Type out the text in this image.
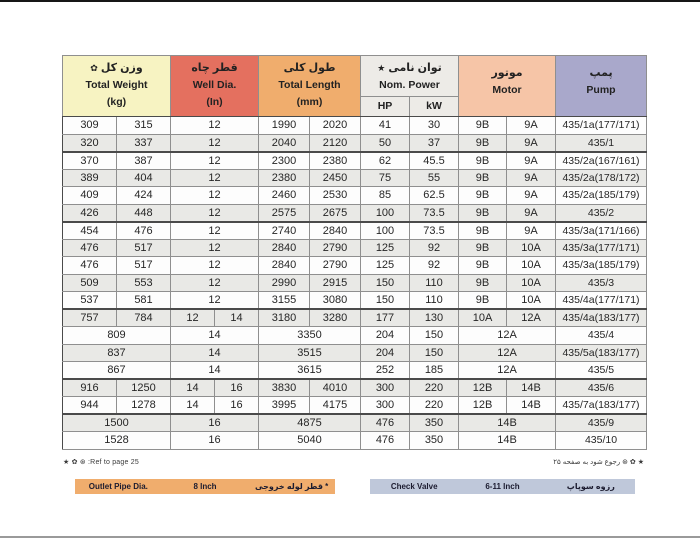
✿ وزن کل
Total Weight
(kg)

قطر چاه
Well Dia.
(In)

طول کلی
Total Length
(mm)

★ توان نامی
Nom. Power
HP	kW

موتور
Motor

پمپ
Pump

309	315	12		1990	2020	41	30	9B	9A	435/1a(177/171)
320	337	12		2040	2120	50	37	9B	9A	435/1
370	387	12		2300	2380	62	45.5	9B	9A	435/2a(167/161)
389	404	12		2380	2450	75	55	9B	9A	435/2a(178/172)
409	424	12		2460	2530	85	62.5	9B	9A	435/2a(185/179)
426	448	12		2575	2675	100	73.5	9B	9A	435/2
454	476	12		2740	2840	100	73.5	9B	9A	435/3a(171/166)
476	517	12		2840	2790	125	92	9B	10A	435/3a(177/171)
476	517	12		2840	2790	125	92	9B	10A	435/3a(185/179)
509	553	12		2990	2915	150	110	9B	10A	435/3
537	581	12		3155	3080	150	110	9B	10A	435/4a(177/171)
757	784	12	14	3180	3280	177	130	10A	12A	435/4a(183/177)
809		14		3350		204	150	12A		435/4
837		14		3515		204	150	12A		435/5a(183/177)
867		14		3615		252	185	12A		435/5
916	1250	14	16	3830	4010	300	220	12B	14B	435/6
944	1278	14	16	3995	4175	300	220	12B	14B	435/7a(183/177)
1500		16		4875		476	350	14B		435/9
1528		16		5040		476	350	14B		435/10
★ ✿ ⊛ :Ref to page 25	★ ✿ ⊛ رجوع شود به صفحه ۲۵
Outlet Pipe Dia.	8 Inch	* قطر لوله خروجی	Check Valve	6-11 Inch	رزوه سوپاپ
